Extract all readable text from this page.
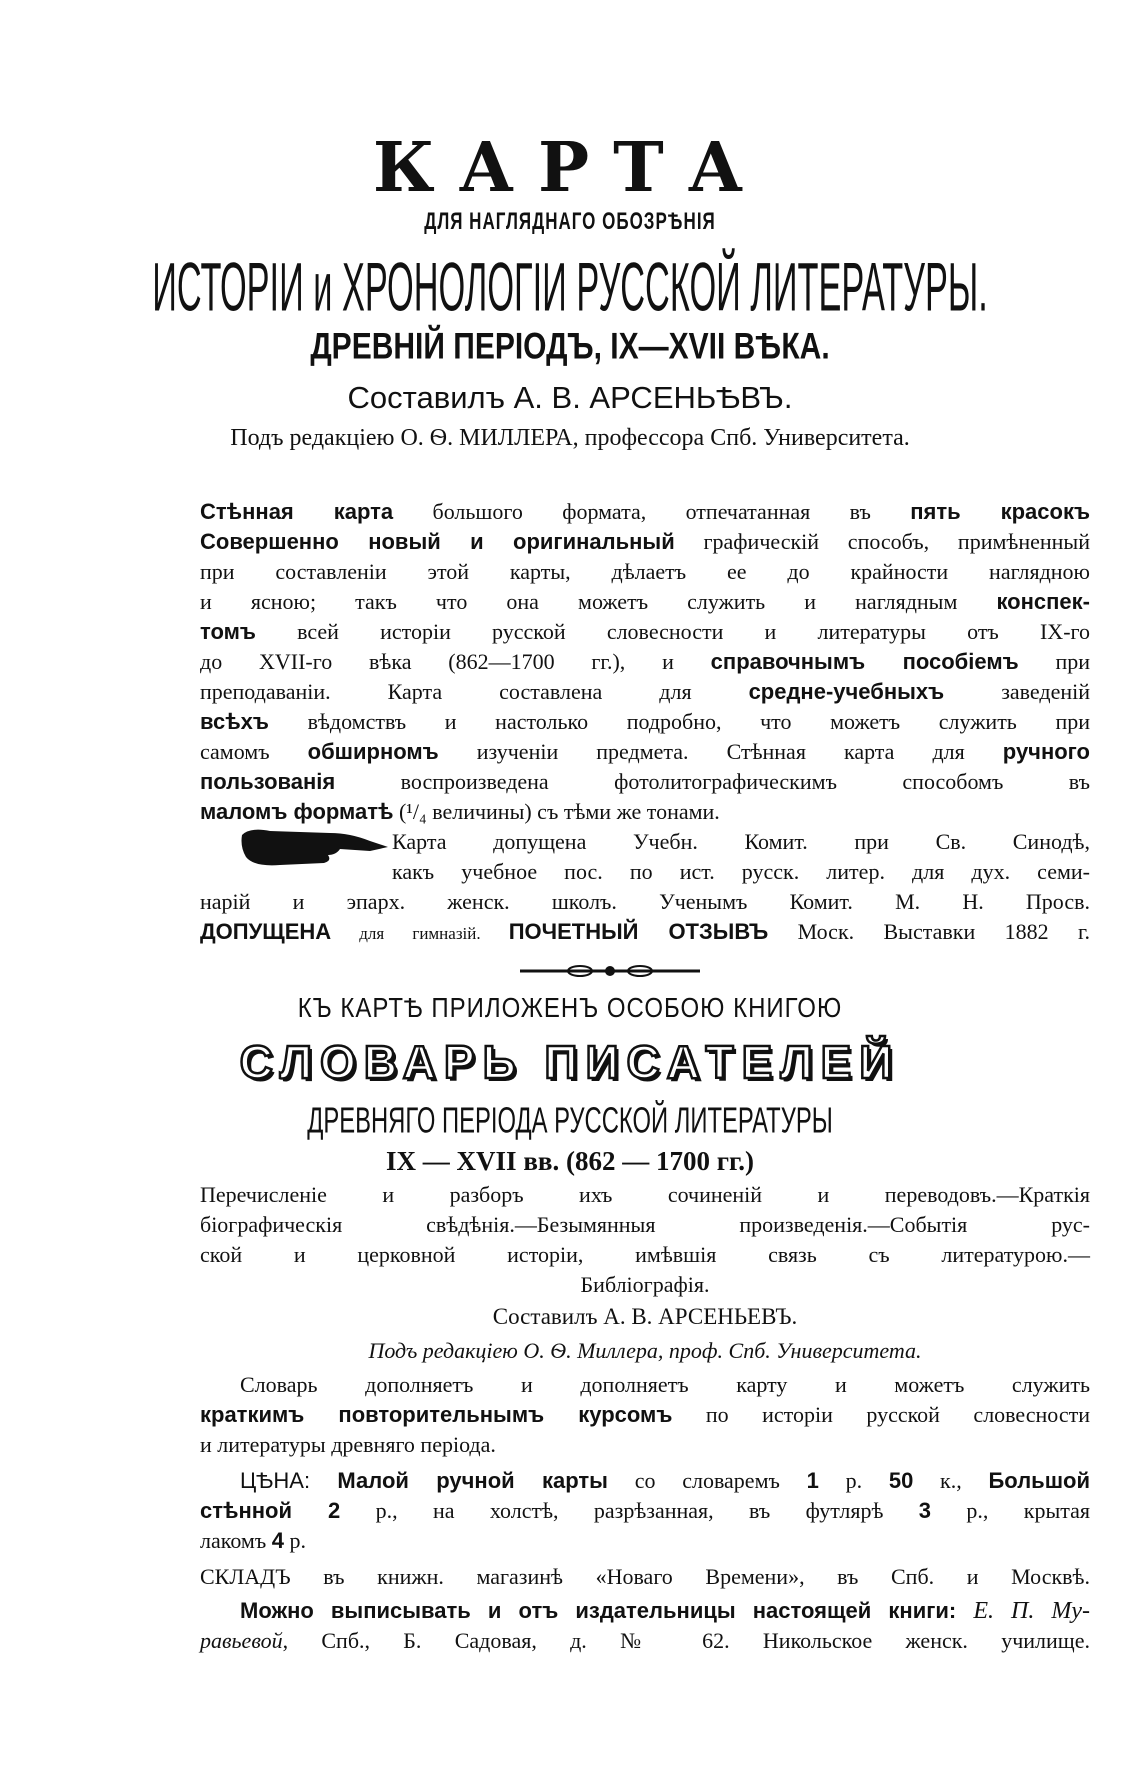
КАРТА
ДЛЯ НАГЛЯДНАГО ОБОЗРѢНІЯ
ИСТОРІИ и ХРОНОЛОГІИ РУССКОЙ ЛИТЕРАТУРЫ.
ДРЕВНІЙ ПЕРІОДЪ, IX—XVII ВѢКА.
Составилъ А. В. АРСЕНЬѢВЪ.
Подъ редакціею О. Ѳ. МИЛЛЕРА, профессора Спб. Университета.
Стѣнная карта большого формата, отпечатанная въ пять красокъ
Совершенно новый и оригинальный графическій способъ, примѣненный
при составленіи этой карты, дѣлаетъ ее до крайности наглядною
и ясною; такъ что она можетъ служить и наглядным конспек-
томъ всей исторіи русской словесности и литературы отъ IX-го
до XVII-го вѣка (862—1700 гг.), и справочнымъ пособіемъ при
преподаваніи. Карта составлена для средне-учебныхъ заведеній
всѣхъ вѣдомствъ и настолько подробно, что можетъ служить при
самомъ обширномъ изученіи предмета. Стѣнная карта для ручного
пользованія воспроизведена фотолитографическимъ способомъ въ
маломъ форматѣ (¹/₄ величины) съ тѣми же тонами.
Карта допущена Учебн. Комит. при Св. Синодѣ,
какъ учебное пос. по ист. русск. литер. для дух. семи-
нарій и эпарх. женск. школъ. Ученымъ Комит. М. Н. Просв.
ДОПУЩЕНА для гимназій. ПОЧЕТНЫЙ ОТЗЫВЪ Моск. Выставки 1882 г.
КЪ КАРТѢ ПРИЛОЖЕНЪ ОСОБОЮ КНИГОЮ
СЛОВАРЬ ПИСАТЕЛЕЙ
ДРЕВНЯГО ПЕРІОДА РУССКОЙ ЛИТЕРАТУРЫ
IX — XVII вв. (862 — 1700 гг.)
Перечисленіе и разборъ ихъ сочиненій и переводовъ.—Краткія
біографическія свѣдѣнія.—Безымянныя произведенія.—Событія рус-
ской и церковной исторіи, имѣвшія связь съ литературою.—
Библіографія.
Составилъ А. В. АРСЕНЬЕВЪ.
Подъ редакціею О. Ѳ. Миллера, проф. Спб. Университета.
Словарь дополняетъ и дополняетъ карту и можетъ служить
краткимъ повторительнымъ курсомъ по исторіи русской словесности
и литературы древняго періода.
ЦѢНА: Малой ручной карты со словаремъ 1 р. 50 к., Большой
стѣнной 2 р., на холстѣ, разрѣзанная, въ футлярѣ 3 р., крытая
лакомъ 4 р.
СКЛАДЪ въ книжн. магазинѣ «Новаго Времени», въ Спб. и Москвѣ.
Можно выписывать и отъ издательницы настоящей книги: Е. П. Му-
равьевой, Спб., Б. Садовая, д. № 62. Никольское женск. училище.
